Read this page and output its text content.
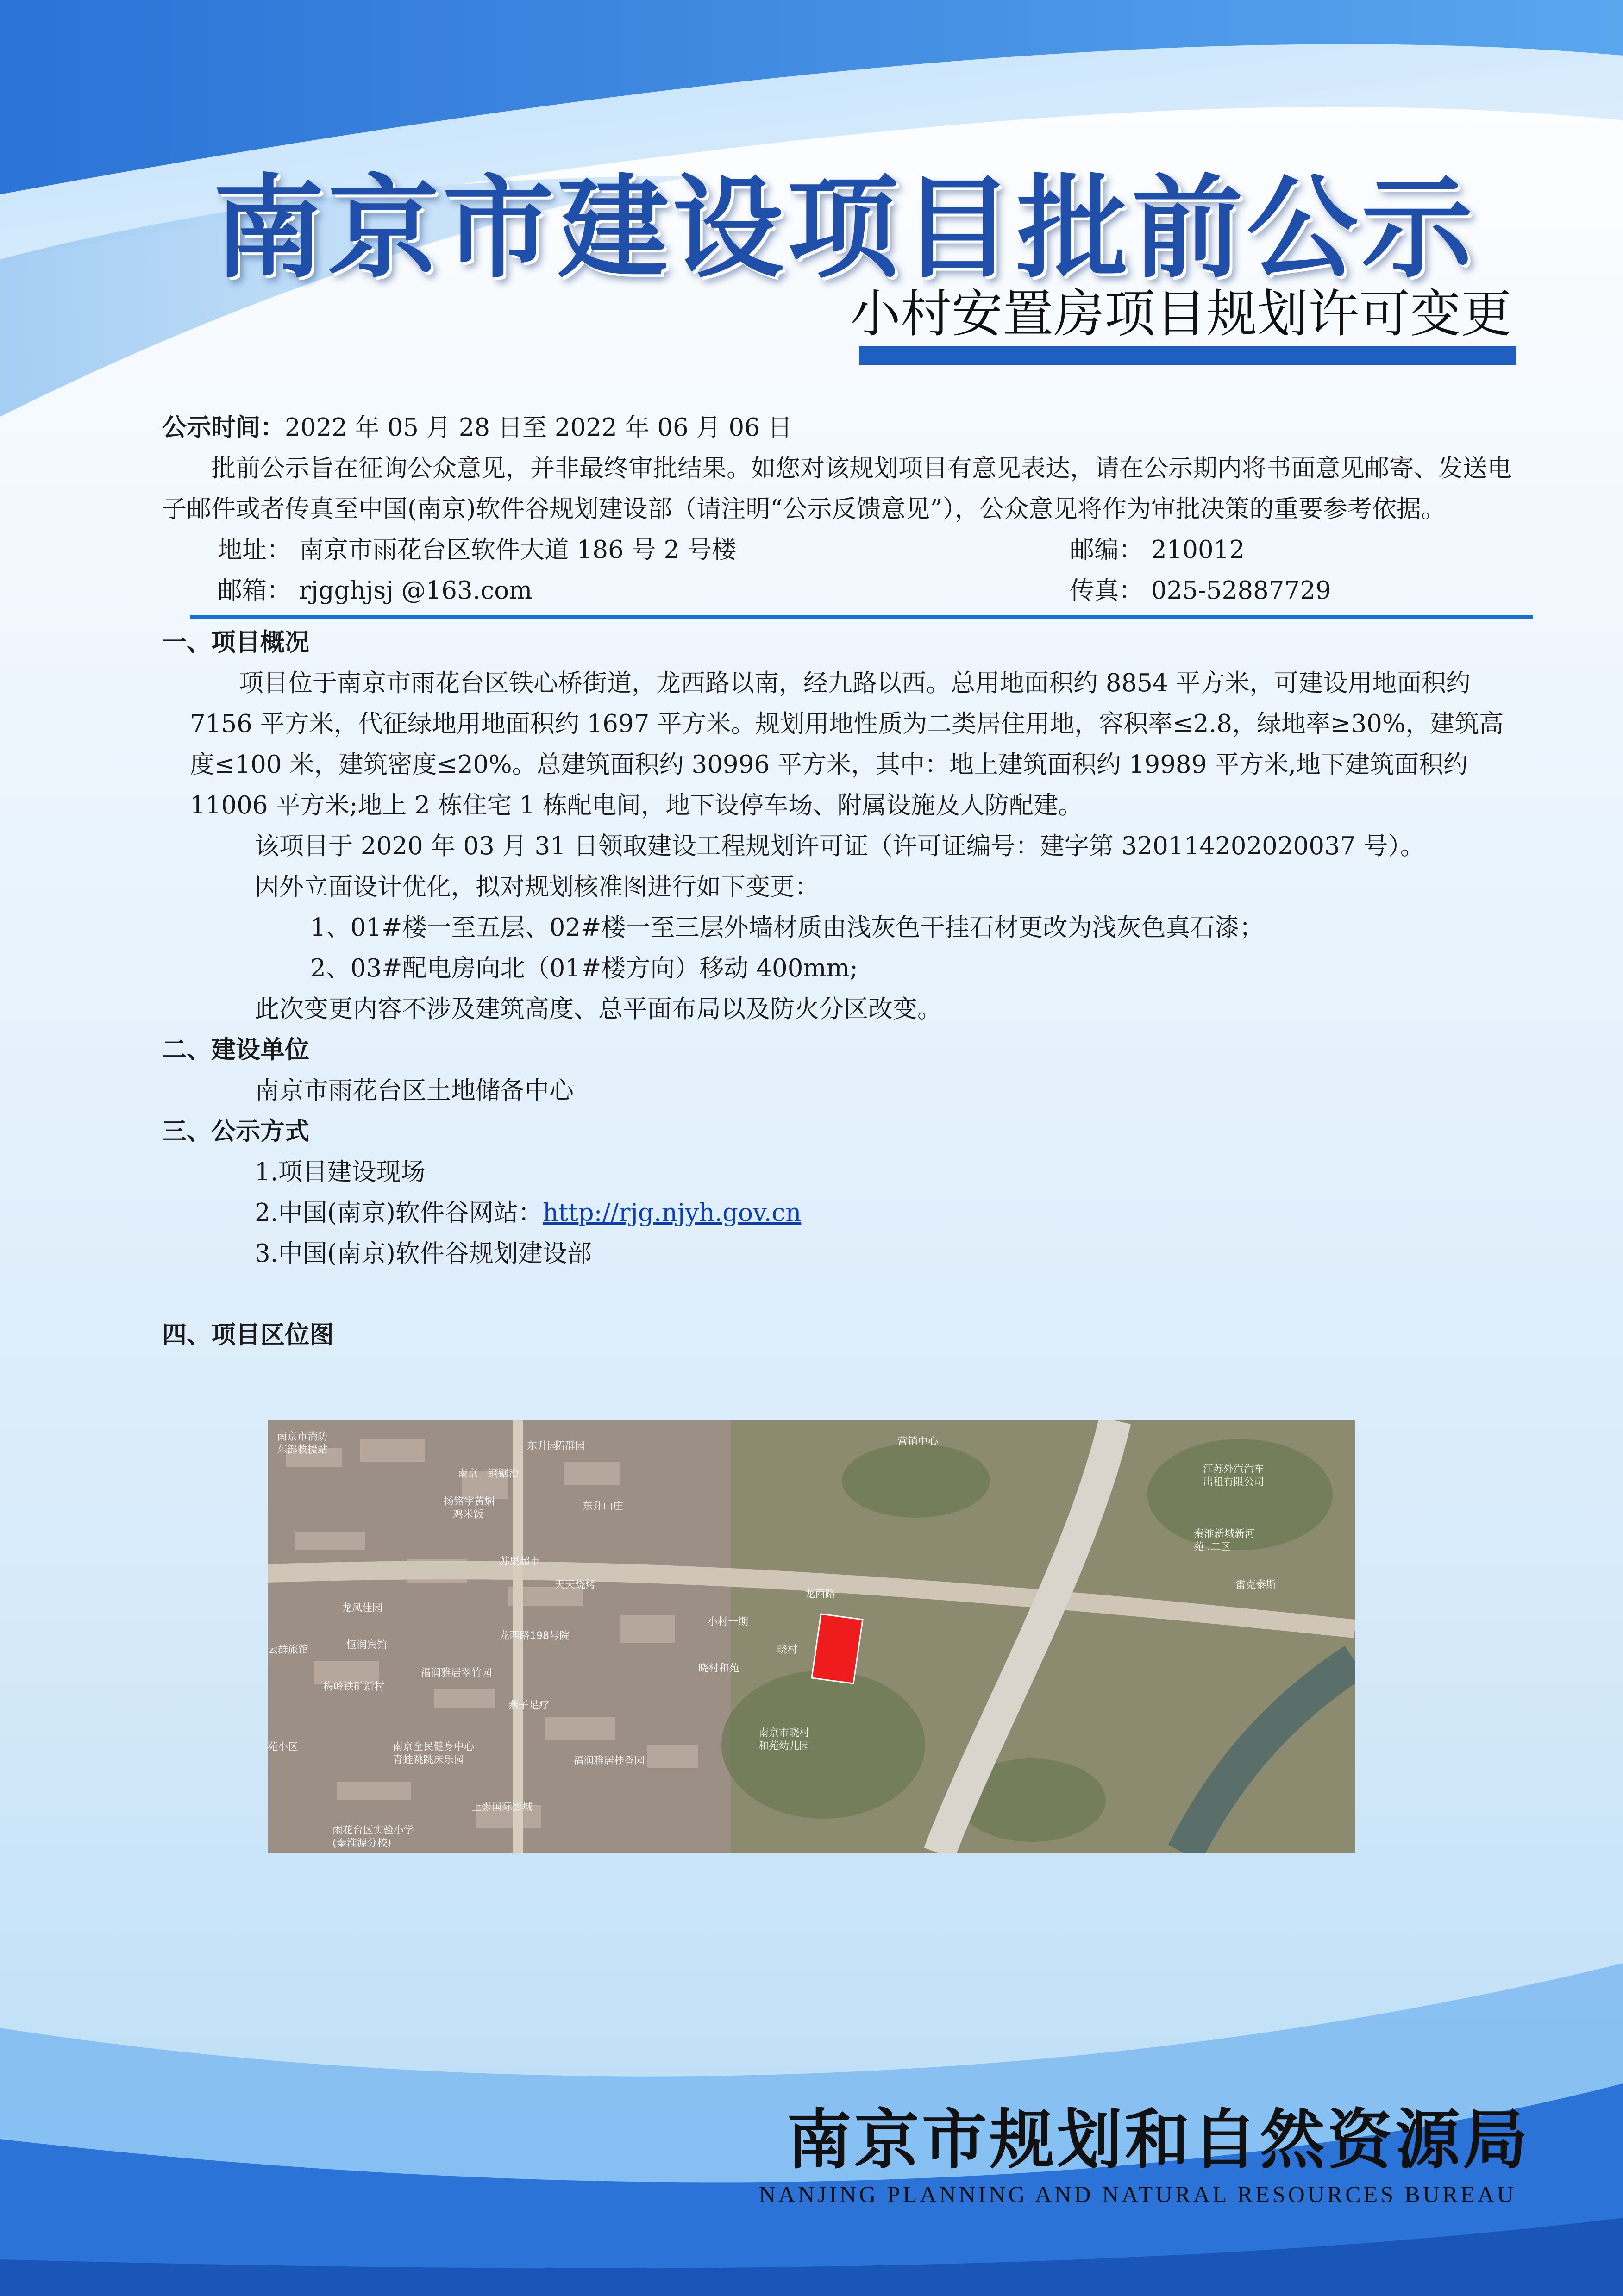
南京市建设项目批前公示
小村安置房项目规划许可变更

公示时间：2022 年 05 月 28 日至 2022 年 06 月 06 日

批前公示旨在征询公众意见，并非最终审批结果。如您对该规划项目有意见表达，请在公示期内将书面意见邮寄、发送电子邮件或者传真至中国(南京)软件谷规划建设部（请注明“公示反馈意见”），公众意见将作为审批决策的重要参考依据。

地址： 南京市雨花台区软件大道 186 号 2 号楼	邮编： 210012
邮箱： rjgghjsj @163.com	传真： 025-52887729

一、项目概况

项目位于南京市雨花台区铁心桥街道，龙西路以南，经九路以西。总用地面积约 8854 平方米，可建设用地面积约 7156 平方米，代征绿地用地面积约 1697 平方米。规划用地性质为二类居住用地，容积率≤2.8，绿地率≥30%，建筑高度≤100 米，建筑密度≤20%。总建筑面积约 30996 平方米，其中：地上建筑面积约 19989 平方米,地下建筑面积约 11006 平方米;地上 2 栋住宅 1 栋配电间，地下设停车场、附属设施及人防配建。

该项目于 2020 年 03 月 31 日领取建设工程规划许可证（许可证编号：建字第 320114202020037 号）。

因外立面设计优化，拟对规划核准图进行如下变更：

1、01#楼一至五层、02#楼一至三层外墙材质由浅灰色干挂石材更改为浅灰色真石漆；

2、03#配电房向北（01#楼方向）移动 400mm;

此次变更内容不涉及建筑高度、总平面布局以及防火分区改变。

二、建设单位

南京市雨花台区土地储备中心

三、公示方式

1.项目建设现场

2.中国(南京)软件谷网站：http://rjg.njyh.gov.cn

3.中国(南京)软件谷规划建设部

四、项目区位图

南京市消防
东部救援站	东升园
拓群园	营销中心
江苏外汽汽车
出租有限公司
南京二钢锯治
扬铭宇黄焖
鸡米饭
东升山庄
苏果超市
天天烧烤
龙西路
小村一期
龙凤佳园
恒润宾馆
云群旅馆
龙西路198号院
晓村
晓村和苑
福润雅居翠竹园
梅岭铁矿新村
燕子足疗
南京市晓村
和苑幼儿园
南京全民健身中心
青蛙跳跳床乐园	福润雅居桂香园
上影国际影城
雨花台区实验小学
(秦淮源分校)
秦淮新城新河
苑 .二区
雷克泰斯
苑小区
南京市规划和自然资源局
NANJING PLANNING AND NATURAL RESOURCES BUREAU
